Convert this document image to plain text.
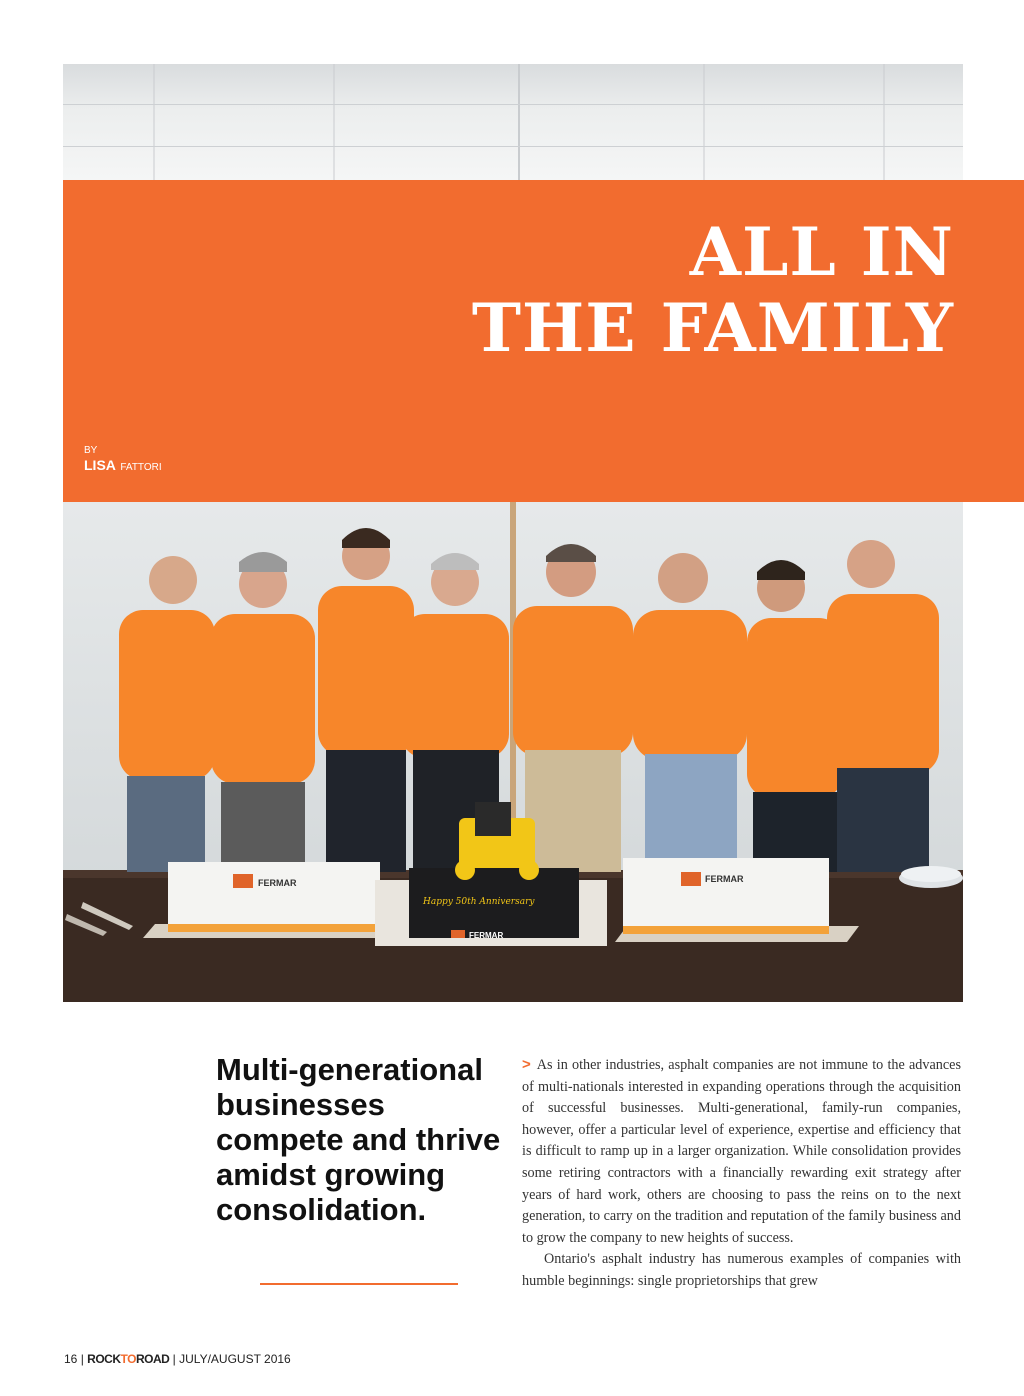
ALL IN
THE FAMILY
BY
LISA FATTORI
FERMAR
Happy 50th Anniversary
FERMAR
FERMAR
Multi-generational businesses compete and thrive amidst growing consolidation.

> As in other industries, asphalt companies are not immune to the advances of multi-nationals interested in expanding operations through the acquisition of successful businesses. Multi-generational, family-run companies, however, offer a particular level of experience, expertise and efficiency that is difficult to ramp up in a larger organization. While consolidation provides some retiring contractors with a financially rewarding exit strategy after years of hard work, others are choosing to pass the reins on to the next generation, to carry on the tradition and reputation of the family business and to grow the company to new heights of success.

Ontario's asphalt industry has numerous examples of companies with humble beginnings: single proprietorships that grew

16 | ROCKTOROAD | JULY/AUGUST 2016
